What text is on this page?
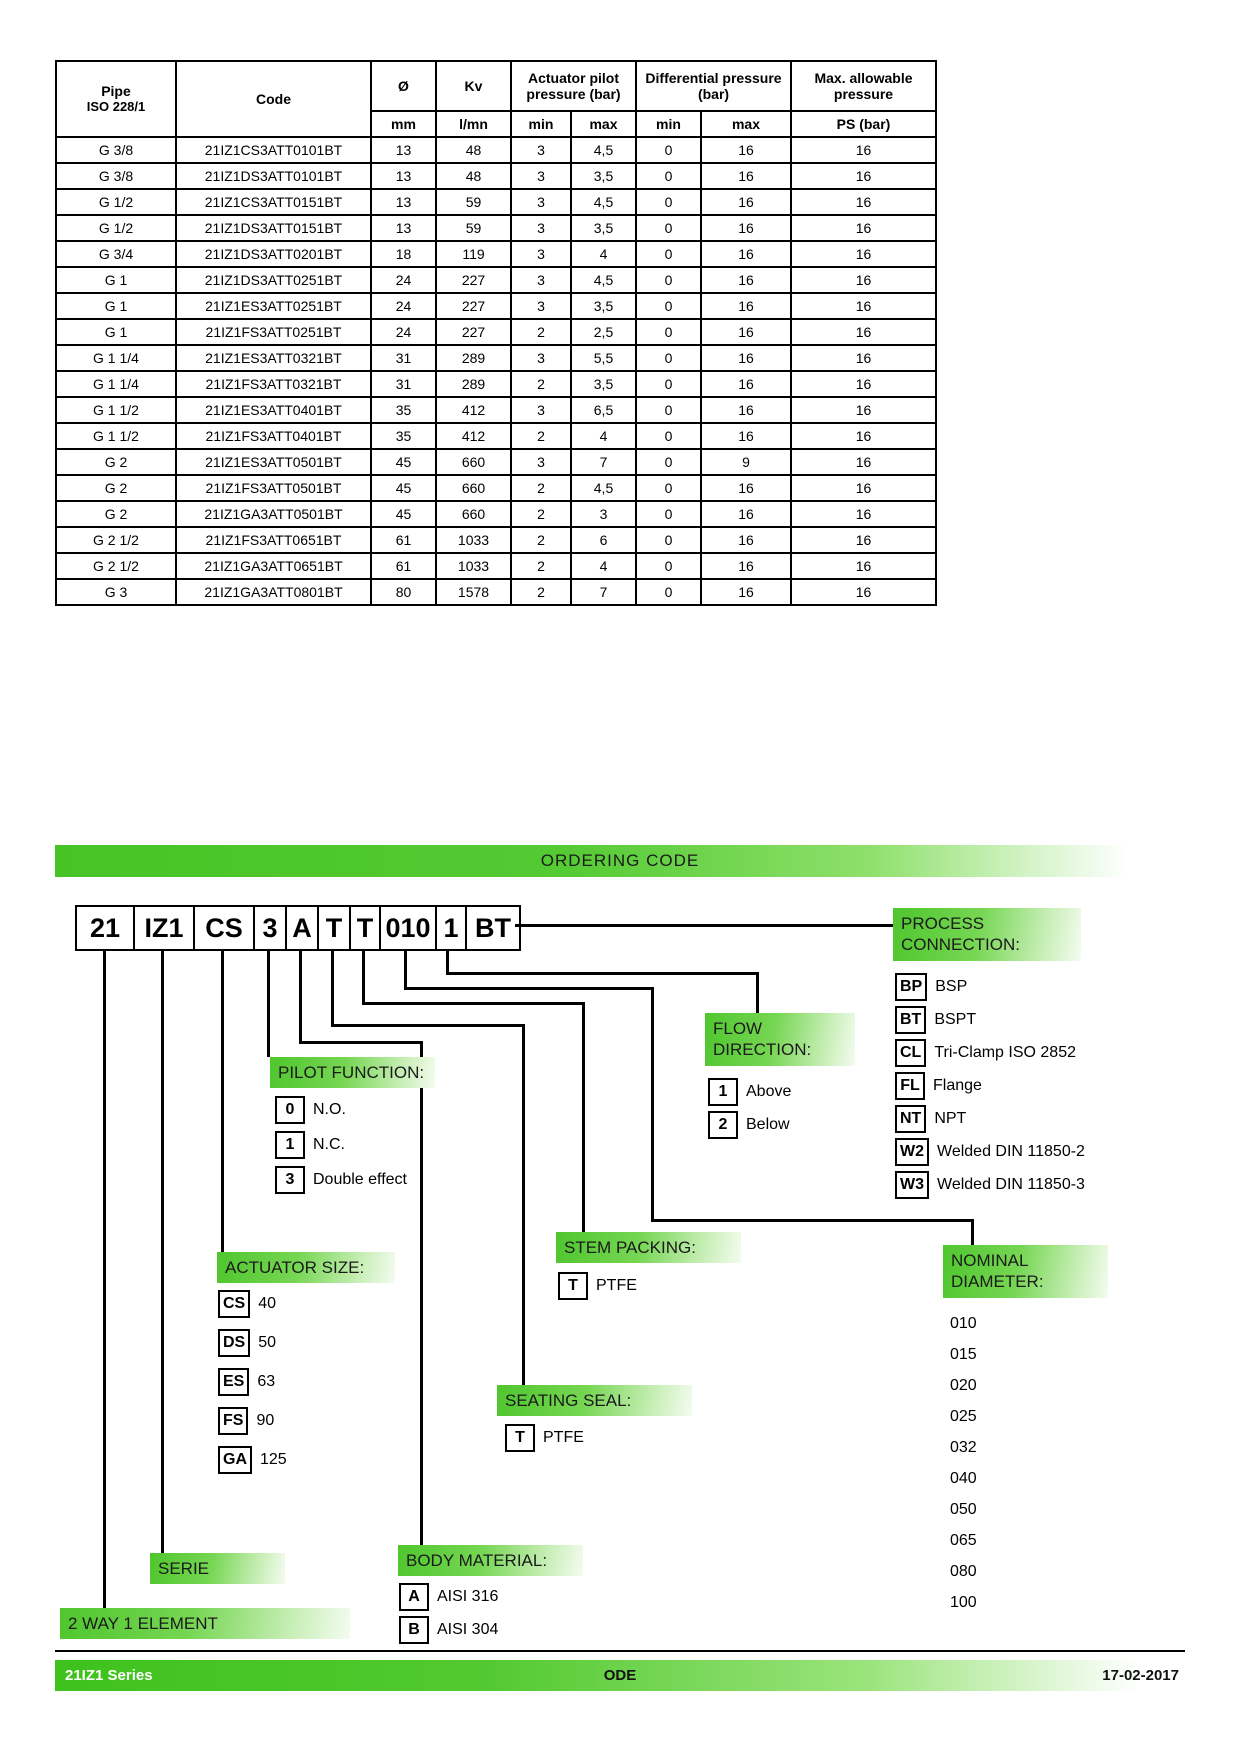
Pipe
ISO 228/1	Code	Ø	Kv	Actuator pilot pressure (bar)		Differential pressure (bar)		Max. allowable pressure
		mm	l/mn	min	max	min	max	PS (bar)
G 3/8	21IZ1CS3ATT0101BT	13	48	3	4,5	0	16	16
G 3/8	21IZ1DS3ATT0101BT	13	48	3	3,5	0	16	16
G 1/2	21IZ1CS3ATT0151BT	13	59	3	4,5	0	16	16
G 1/2	21IZ1DS3ATT0151BT	13	59	3	3,5	0	16	16
G 3/4	21IZ1DS3ATT0201BT	18	119	3	4	0	16	16
G 1	21IZ1DS3ATT0251BT	24	227	3	4,5	0	16	16
G 1	21IZ1ES3ATT0251BT	24	227	3	3,5	0	16	16
G 1	21IZ1FS3ATT0251BT	24	227	2	2,5	0	16	16
G 1 1/4	21IZ1ES3ATT0321BT	31	289	3	5,5	0	16	16
G 1 1/4	21IZ1FS3ATT0321BT	31	289	2	3,5	0	16	16
G 1 1/2	21IZ1ES3ATT0401BT	35	412	3	6,5	0	16	16
G 1 1/2	21IZ1FS3ATT0401BT	35	412	2	4	0	16	16
G 2	21IZ1ES3ATT0501BT	45	660	3	7	0	9	16
G 2	21IZ1FS3ATT0501BT	45	660	2	4,5	0	16	16
G 2	21IZ1GA3ATT0501BT	45	660	2	3	0	16	16
G 2 1/2	21IZ1FS3ATT0651BT	61	1033	2	6	0	16	16
G 2 1/2	21IZ1GA3ATT0651BT	61	1033	2	4	0	16	16
G 3	21IZ1GA3ATT0801BT	80	1578	2	7	0	16	16
ORDERING CODE
21 IZ1 CS 3 A T T 010 1 BT
PILOT FUNCTION:
0	N.O.
1	N.C.
3	Double effect
ACTUATOR SIZE:
CS 40
DS 50
ES 63
FS 90
GA 125
STEM PACKING:
T	PTFE
SEATING SEAL:
T	PTFE
BODY MATERIAL:
A	AISI 316
B	AISI 304
FLOW DIRECTION:
1	Above
2	Below
PROCESS CONNECTION:
BP BSP
BT BSPT
CL Tri-Clamp ISO 2852
FL Flange
NT NPT
W2 Welded DIN 11850-2
W3 Welded DIN 11850-3
NOMINAL DIAMETER:
010
015
020
025
032
040
050
065
080
100
SERIE
2 WAY 1 ELEMENT
21IZ1 Series	ODE	17-02-2017
